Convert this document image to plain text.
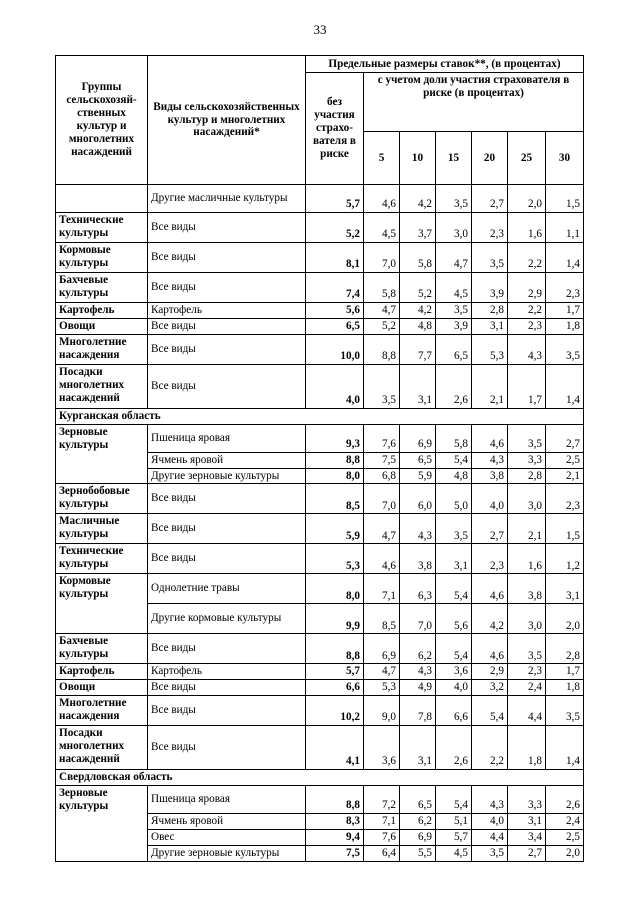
33
Группы сельскохозяй-ственных культур и многолетних насаждений	Виды сельскохозяйственных культур и многолетних насаждений*	Предельные размеры ставок**, (в процентах)						
		без участия страхо-вателя в риске	с учетом доли участия страхователя в риске (в процентах)					
			5	10	15	20	25	30
	Другие масличные культуры	5,7	4,6	4,2	3,5	2,7	2,0	1,5
Технические культуры	Все виды	5,2	4,5	3,7	3,0	2,3	1,6	1,1
Кормовые культуры	Все виды	8,1	7,0	5,8	4,7	3,5	2,2	1,4
Бахчевые культуры	Все виды	7,4	5,8	5,2	4,5	3,9	2,9	2,3
Картофель	Картофель	5,6	4,7	4,2	3,5	2,8	2,2	1,7
Овощи	Все виды	6,5	5,2	4,8	3,9	3,1	2,3	1,8
Многолетние насаждения	Все виды	10,0	8,8	7,7	6,5	5,3	4,3	3,5
Посадки многолетних насаждений	Все виды	4,0	3,5	3,1	2,6	2,1	1,7	1,4
Курганская область								
Зерновые культуры	Пшеница яровая	9,3	7,6	6,9	5,8	4,6	3,5	2,7
	Ячмень яровой	8,8	7,5	6,5	5,4	4,3	3,3	2,5
	Другие зерновые культуры	8,0	6,8	5,9	4,8	3,8	2,8	2,1
Зернобобовые культуры	Все виды	8,5	7,0	6,0	5,0	4,0	3,0	2,3
Масличные культуры	Все виды	5,9	4,7	4,3	3,5	2,7	2,1	1,5
Технические культуры	Все виды	5,3	4,6	3,8	3,1	2,3	1,6	1,2
Кормовые культуры	Однолетние травы	8,0	7,1	6,3	5,4	4,6	3,8	3,1
	Другие кормовые культуры	9,9	8,5	7,0	5,6	4,2	3,0	2,0
Бахчевые культуры	Все виды	8,8	6,9	6,2	5,4	4,6	3,5	2,8
Картофель	Картофель	5,7	4,7	4,3	3,6	2,9	2,3	1,7
Овощи	Все виды	6,6	5,3	4,9	4,0	3,2	2,4	1,8
Многолетние насаждения	Все виды	10,2	9,0	7,8	6,6	5,4	4,4	3,5
Посадки многолетних насаждений	Все виды	4,1	3,6	3,1	2,6	2,2	1,8	1,4
Свердловская область								
Зерновые культуры	Пшеница яровая	8,8	7,2	6,5	5,4	4,3	3,3	2,6
	Ячмень яровой	8,3	7,1	6,2	5,1	4,0	3,1	2,4
	Овес	9,4	7,6	6,9	5,7	4,4	3,4	2,5
	Другие зерновые культуры	7,5	6,4	5,5	4,5	3,5	2,7	2,0
